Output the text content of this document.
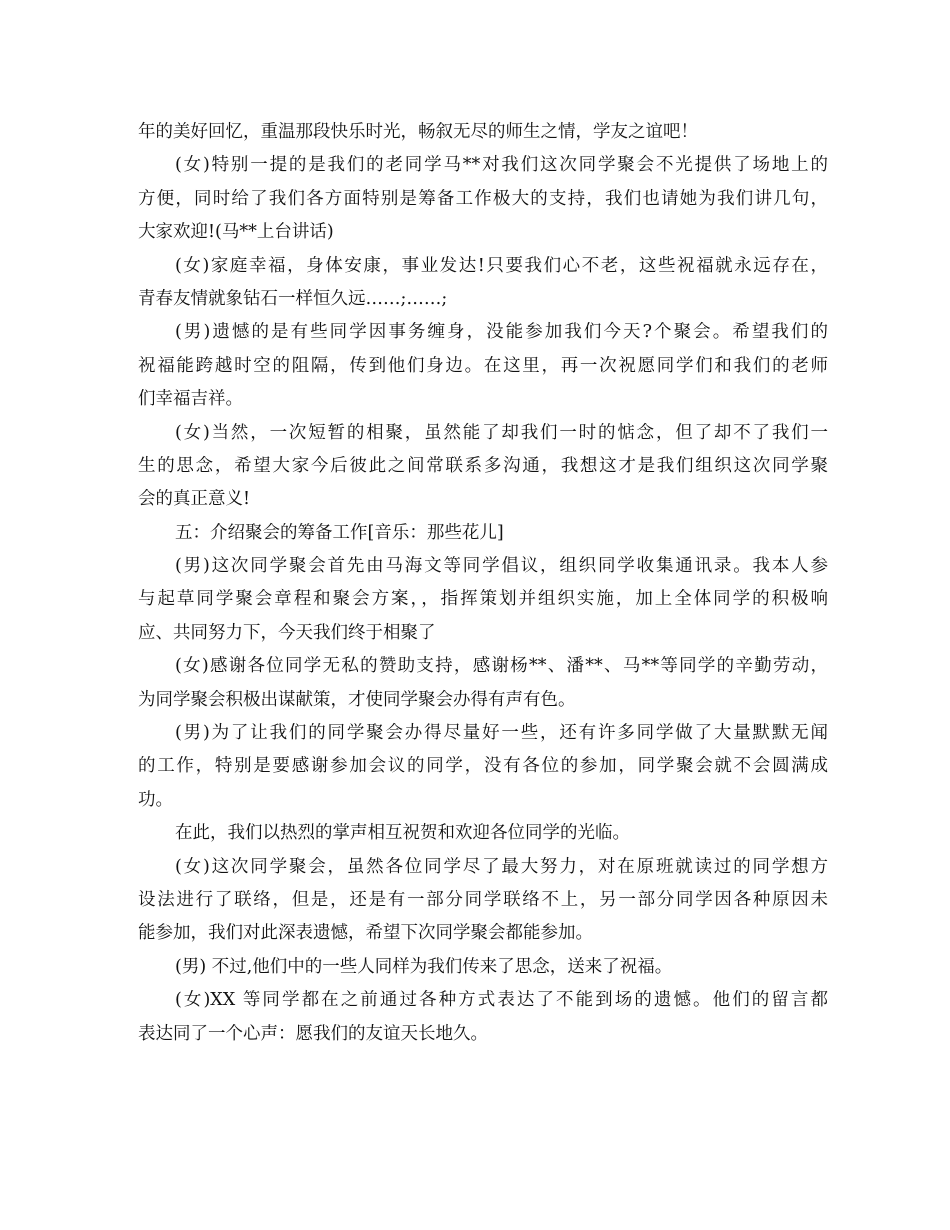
年的美好回忆，重温那段快乐时光，畅叙无尽的师生之情，学友之谊吧！
(女)特别一提的是我们的老同学马**对我们这次同学聚会不光提供了场地上的
方便，同时给了我们各方面特别是筹备工作极大的支持，我们也请她为我们讲几句，
大家欢迎!(马**上台讲话)
(女)家庭幸福，身体安康，事业发达!只要我们心不老，这些祝福就永远存在，
青春友情就象钻石一样恒久远……;……;
(男)遗憾的是有些同学因事务缠身，没能参加我们今天?个聚会。希望我们的
祝福能跨越时空的阻隔，传到他们身边。在这里，再一次祝愿同学们和我们的老师
们幸福吉祥。
(女)当然，一次短暂的相聚，虽然能了却我们一时的惦念，但了却不了我们一
生的思念，希望大家今后彼此之间常联系多沟通，我想这才是我们组织这次同学聚
会的真正意义!
五：介绍聚会的筹备工作[音乐：那些花儿]
(男)这次同学聚会首先由马海文等同学倡议，组织同学收集通讯录。我本人参
与起草同学聚会章程和聚会方案，，指挥策划并组织实施，加上全体同学的积极响
应、共同努力下，今天我们终于相聚了
(女)感谢各位同学无私的赞助支持，感谢杨**、潘**、马**等同学的辛勤劳动，
为同学聚会积极出谋献策，才使同学聚会办得有声有色。
(男)为了让我们的同学聚会办得尽量好一些，还有许多同学做了大量默默无闻
的工作，特别是要感谢参加会议的同学，没有各位的参加，同学聚会就不会圆满成
功。
在此，我们以热烈的掌声相互祝贺和欢迎各位同学的光临。
(女)这次同学聚会，虽然各位同学尽了最大努力，对在原班就读过的同学想方
设法进行了联络，但是，还是有一部分同学联络不上，另一部分同学因各种原因未
能参加，我们对此深表遗憾，希望下次同学聚会都能参加。
(男) 不过,他们中的一些人同样为我们传来了思念，送来了祝福。
(女)XX 等同学都在之前通过各种方式表达了不能到场的遗憾。他们的留言都
表达同了一个心声：愿我们的友谊天长地久。
